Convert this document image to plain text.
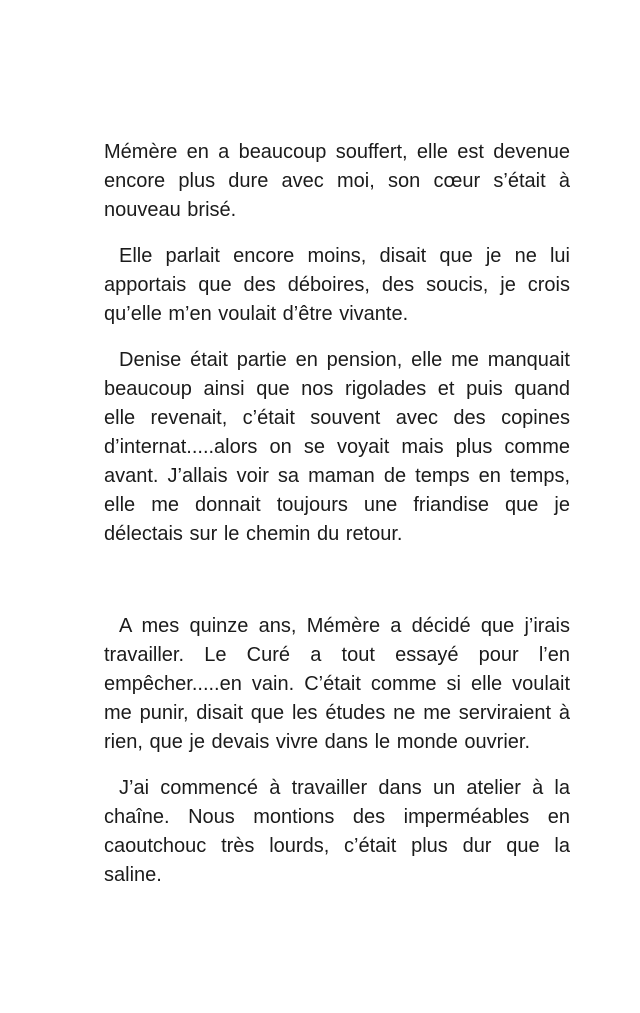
Mémère en a beaucoup souffert, elle est devenue encore plus dure avec moi, son cœur s’était à nouveau brisé.

Elle parlait encore moins, disait que je ne lui apportais que des déboires, des soucis, je crois qu’elle m’en voulait d’être vivante.

Denise était partie en pension, elle me manquait beaucoup ainsi que nos rigolades et puis quand elle revenait, c’était souvent avec des copines d’internat.....alors on se voyait mais plus comme avant. J’allais voir sa maman de temps en temps, elle me donnait toujours une friandise que je délectais sur le chemin du retour.

A mes quinze ans, Mémère a décidé que j’irais travailler. Le Curé a tout essayé pour l’en empêcher.....en vain. C’était comme si elle voulait me punir, disait que les études ne me serviraient à rien, que je devais vivre dans le monde ouvrier.

J’ai commencé à travailler dans un atelier à la chaîne. Nous montions des imperméables en caoutchouc très lourds, c’était plus dur que la saline.
